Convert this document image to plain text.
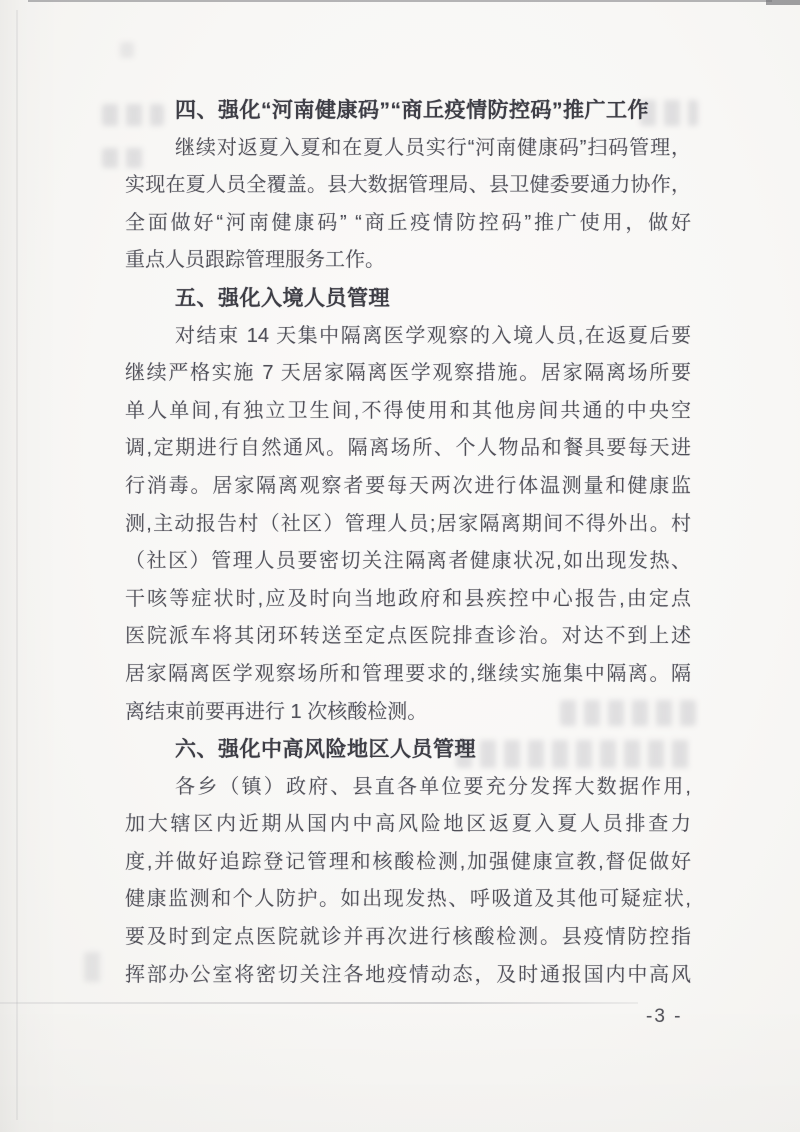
四、强化“河南健康码”“商丘疫情防控码”推广工作
继续对返夏入夏和在夏人员实行“河南健康码”扫码管理，
实现在夏人员全覆盖。县大数据管理局、县卫健委要通力协作，
全面做好“河南健康码” “商丘疫情防控码”推广使用，做好
重点人员跟踪管理服务工作。
五、强化入境人员管理
对结束 14 天集中隔离医学观察的入境人员,在返夏后要
继续严格实施 7 天居家隔离医学观察措施。居家隔离场所要
单人单间,有独立卫生间,不得使用和其他房间共通的中央空
调,定期进行自然通风。隔离场所、个人物品和餐具要每天进
行消毒。居家隔离观察者要每天两次进行体温测量和健康监
测,主动报告村（社区）管理人员;居家隔离期间不得外出。村
（社区）管理人员要密切关注隔离者健康状况,如出现发热、
干咳等症状时,应及时向当地政府和县疾控中心报告,由定点
医院派车将其闭环转送至定点医院排查诊治。对达不到上述
居家隔离医学观察场所和管理要求的,继续实施集中隔离。隔
离结束前要再进行 1 次核酸检测。
六、强化中高风险地区人员管理
各乡（镇）政府、县直各单位要充分发挥大数据作用,
加大辖区内近期从国内中高风险地区返夏入夏人员排查力
度,并做好追踪登记管理和核酸检测,加强健康宣教,督促做好
健康监测和个人防护。如出现发热、呼吸道及其他可疑症状,
要及时到定点医院就诊并再次进行核酸检测。县疫情防控指
挥部办公室将密切关注各地疫情动态，及时通报国内中高风
-3 -
